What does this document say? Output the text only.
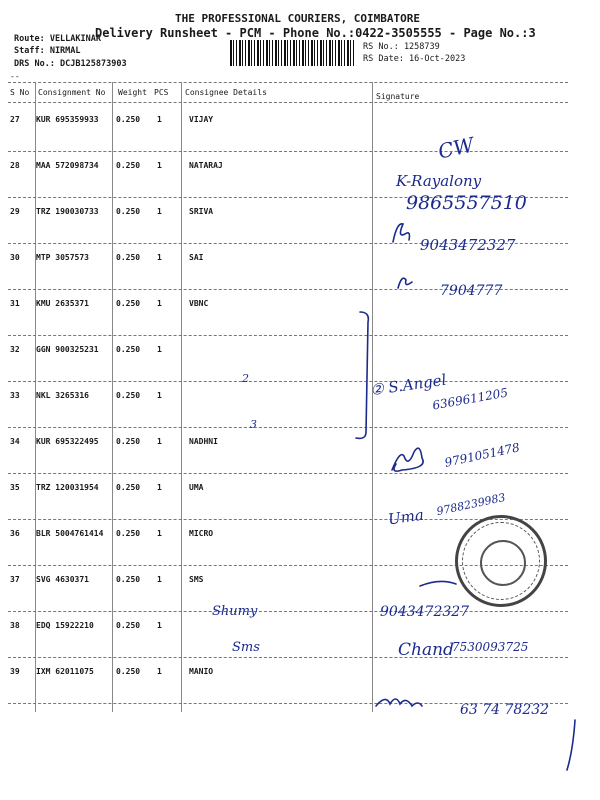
THE PROFESSIONAL COURIERS, COIMBATORE
Delivery Runsheet - PCM - Phone No.:0422-3505555 - Page No.:3
Route: VELLAKINAR
Staff: NIRMAL
DRS No.: DCJB125873903
RS No.: 1258739
RS Date: 16-Oct-2023
--
S No Consignment No Weight PCS Consignee Details	Signature
27 KUR 695359933 0.250 1	VIJAY
28 MAA 572098734 0.250 1	NATARAJ
29 TRZ 190030733 0.250 1	SRIVA
30 MTP 3057573	0.250 1	SAI
31 KMU 2635371	0.250 1	VBNC
32 GGN 900325231 0.250 1
33 NKL 3265316	0.250 1
34 KUR 695322495 0.250 1	NADHNI
35 TRZ 120031954 0.250 1	UMA
36 BLR 5004761414 0.250 1	MICRO
37 SVG 4630371	0.250 1	SMS
38 EDQ 15922210	0.250 1
39 IXM 62011075	0.250 1	MANIO
CW
K-Rayalony
9865557510
9043472327
7904777
2
3
② S.Angel
6369611205
9791051478
Uma 9788239983
Shumy
Sms
9043472327
Chand
7530093725
63 74 78232
